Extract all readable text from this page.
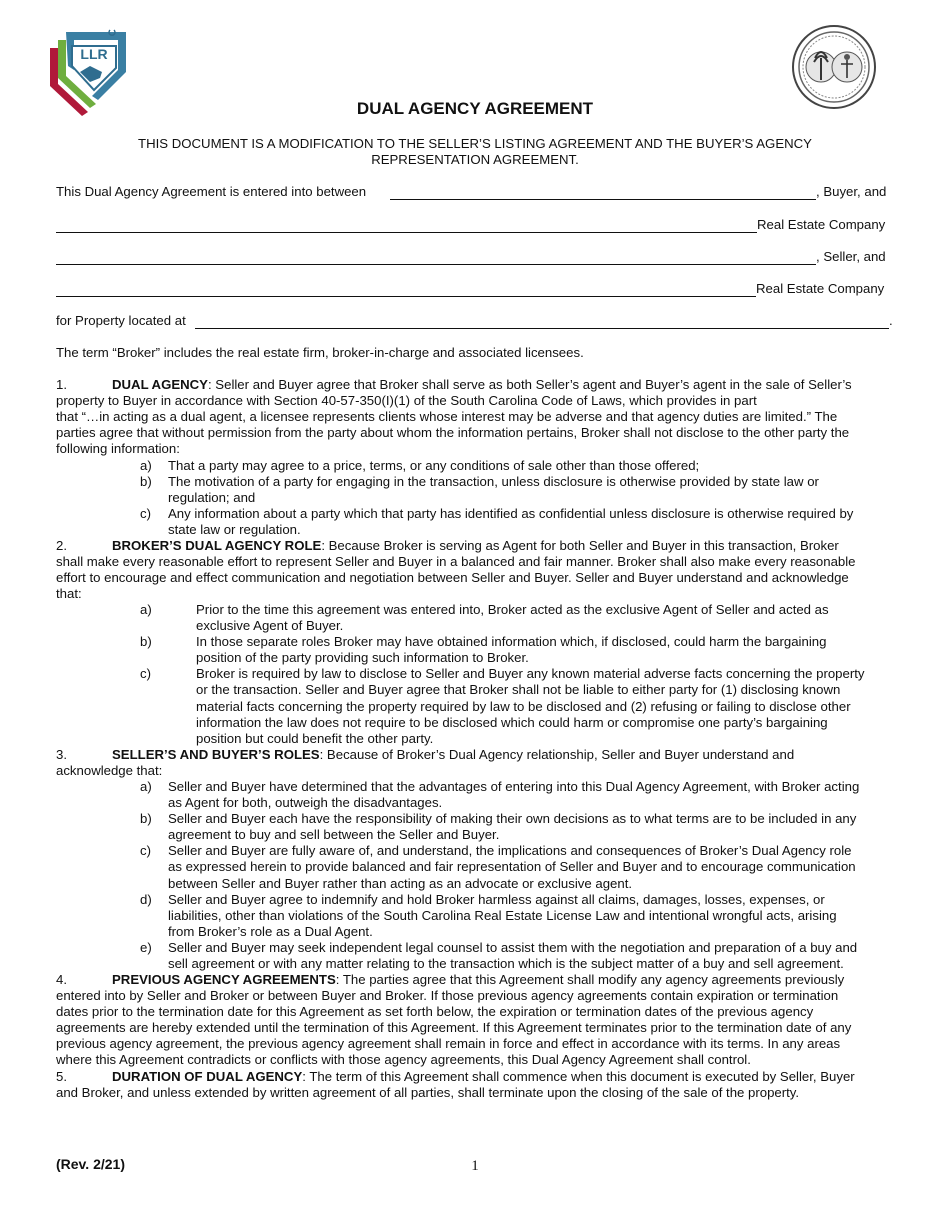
LLR
DUAL AGENCY AGREEMENT
THIS DOCUMENT IS A MODIFICATION TO THE SELLER’S LISTING AGREEMENT AND THE BUYER’S AGENCY
REPRESENTATION AGREEMENT.
This Dual Agency Agreement is entered into between	, Buyer, and
Real Estate Company
, Seller, and
Real Estate Company
for Property located at	.
The term “Broker” includes the real estate firm, broker-in-charge and associated licensees.
1.	DUAL AGENCY: Seller and Buyer agree that Broker shall serve as both Seller’s agent and Buyer’s agent in the sale of Seller’s
property to Buyer in accordance with Section 40-57-350(I)(1) of the South Carolina Code of Laws, which provides in part
that “…in acting as a dual agent, a licensee represents clients whose interest may be adverse and that agency duties are limited.” The
parties agree that without permission from the party about whom the information pertains, Broker shall not disclose to the other party the
following information:
a) That a party may agree to a price, terms, or any conditions of sale other than those offered;
b) The motivation of a party for engaging in the transaction, unless disclosure is otherwise provided by state law or
regulation; and
c) Any information about a party which that party has identified as confidential unless disclosure is otherwise required by
state law or regulation.
2.	BROKER’S DUAL AGENCY ROLE: Because Broker is serving as Agent for both Seller and Buyer in this transaction, Broker
shall make every reasonable effort to represent Seller and Buyer in a balanced and fair manner. Broker shall also make every reasonable
effort to encourage and effect communication and negotiation between Seller and Buyer. Seller and Buyer understand and acknowledge
that:
a)	Prior to the time this agreement was entered into, Broker acted as the exclusive Agent of Seller and acted as
exclusive Agent of Buyer.
b)	In those separate roles Broker may have obtained information which, if disclosed, could harm the bargaining
position of the party providing such information to Broker.
c)	Broker is required by law to disclose to Seller and Buyer any known material adverse facts concerning the property
or the transaction. Seller and Buyer agree that Broker shall not be liable to either party for (1) disclosing known
material facts concerning the property required by law to be disclosed and (2) refusing or failing to disclose other
information the law does not require to be disclosed which could harm or compromise one party’s bargaining
position but could benefit the other party.
3.	SELLER’S AND BUYER’S ROLES: Because of Broker’s Dual Agency relationship, Seller and Buyer understand and
acknowledge that:
a) Seller and Buyer have determined that the advantages of entering into this Dual Agency Agreement, with Broker acting
as Agent for both, outweigh the disadvantages.
b) Seller and Buyer each have the responsibility of making their own decisions as to what terms are to be included in any
agreement to buy and sell between the Seller and Buyer.
c) Seller and Buyer are fully aware of, and understand, the implications and consequences of Broker’s Dual Agency role
as expressed herein to provide balanced and fair representation of Seller and Buyer and to encourage communication
between Seller and Buyer rather than acting as an advocate or exclusive agent.
d) Seller and Buyer agree to indemnify and hold Broker harmless against all claims, damages, losses, expenses, or
liabilities, other than violations of the South Carolina Real Estate License Law and intentional wrongful acts, arising
from Broker’s role as a Dual Agent.
e) Seller and Buyer may seek independent legal counsel to assist them with the negotiation and preparation of a buy and
sell agreement or with any matter relating to the transaction which is the subject matter of a buy and sell agreement.
4.	PREVIOUS AGENCY AGREEMENTS: The parties agree that this Agreement shall modify any agency agreements previously
entered into by Seller and Broker or between Buyer and Broker. If those previous agency agreements contain expiration or termination
dates prior to the termination date for this Agreement as set forth below, the expiration or termination dates of the previous agency
agreements are hereby extended until the termination of this Agreement. If this Agreement terminates prior to the termination date of any
previous agency agreement, the previous agency agreement shall remain in force and effect in accordance with its terms. In any areas
where this Agreement contradicts or conflicts with those agency agreements, this Dual Agency Agreement shall control.
5.	DURATION OF DUAL AGENCY: The term of this Agreement shall commence when this document is executed by Seller, Buyer
and Broker, and unless extended by written agreement of all parties, shall terminate upon the closing of the sale of the property.
(Rev. 2/21)	1
